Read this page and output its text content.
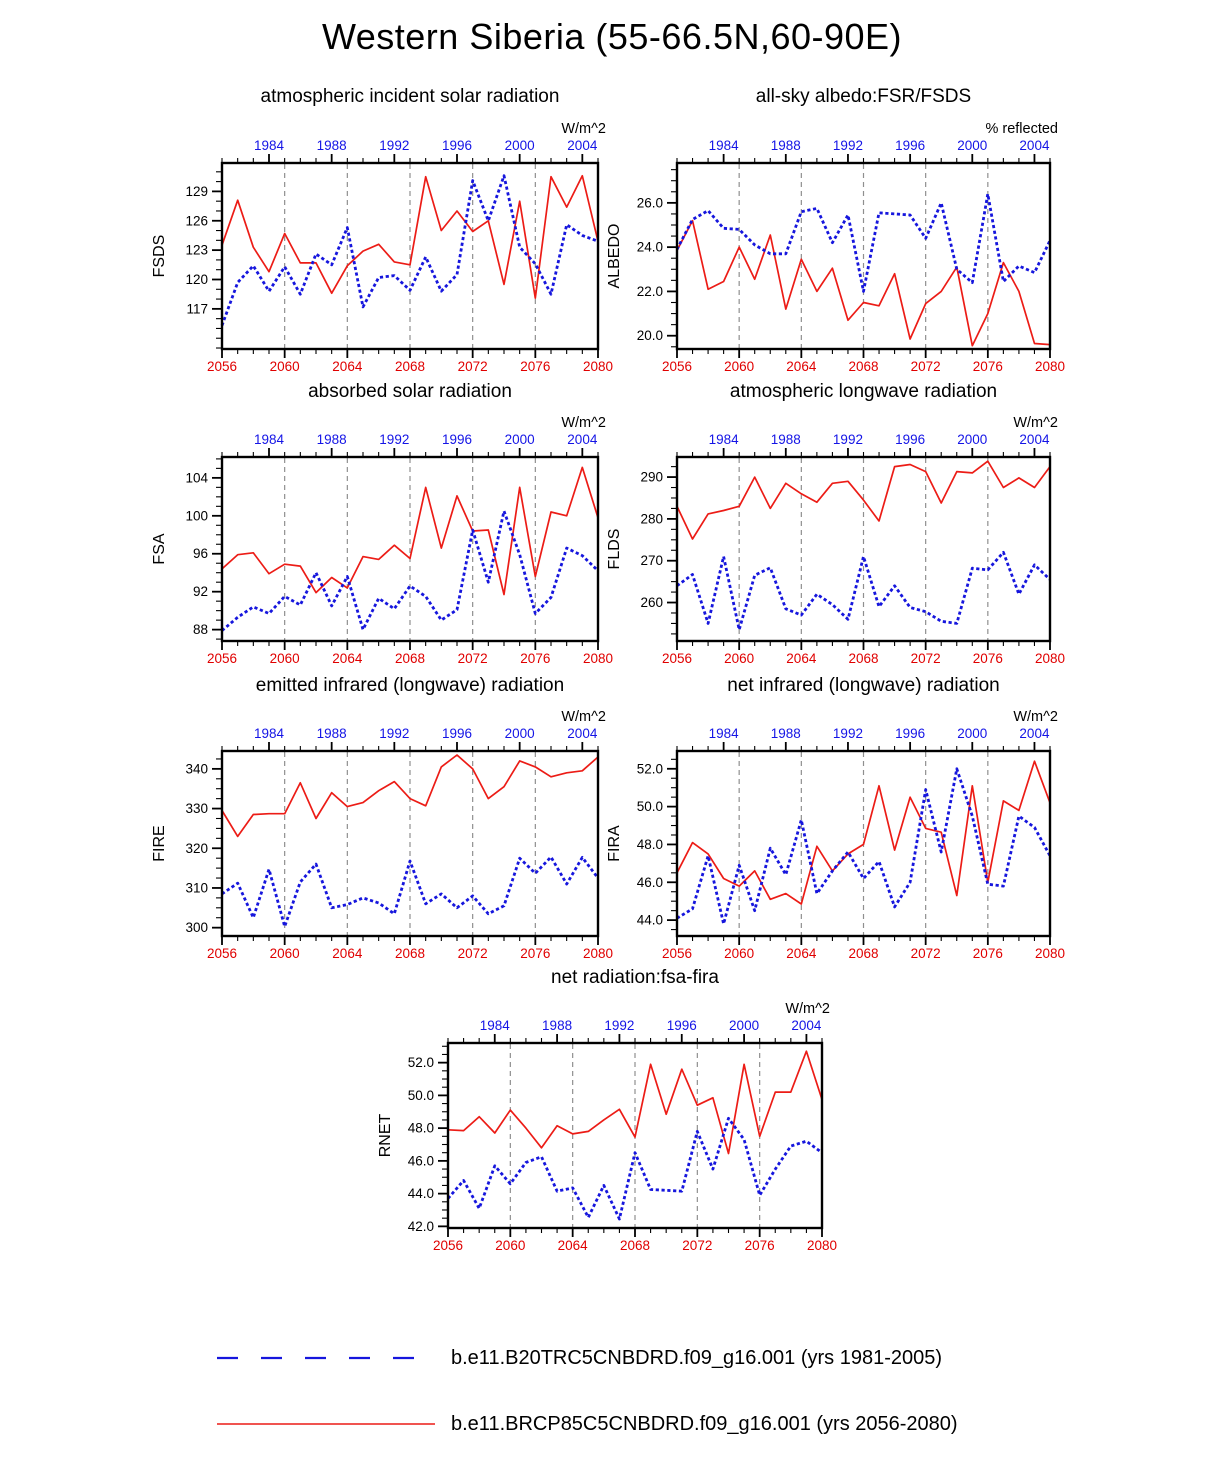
Western Siberia (55-66.5N,60-90E)
atmospheric incident solar radiation	all-sky albedo:FSR/FSDS
absorbed solar radiation	atmospheric longwave radiation
emitted infrared (longwave) radiation	net infrared (longwave) radiation
net radiation:fsa-fira
2056 2060 2064 2068 2072 2076 2080
1984 1988 1992 1996 2000 2004
W/m^2
117
120
123
126
129
FSDS
2056 2060 2064 2068 2072 2076 2080
1984 1988 1992 1996 2000 2004
% reflected
20.0
22.0
24.0
26.0
ALBEDO
2056 2060 2064 2068 2072 2076 2080
1984 1988 1992 1996 2000 2004
W/m^2
88
92
96
100
104
FSA
2056 2060 2064 2068 2072 2076 2080
1984 1988 1992 1996 2000 2004
W/m^2
260
270
280
290
FLDS
2056 2060 2064 2068 2072 2076 2080
1984 1988 1992 1996 2000 2004
W/m^2
300
310
320
330
340
FIRE
2056 2060 2064 2068 2072 2076 2080
1984 1988 1992 1996 2000 2004
W/m^2
44.0
46.0
48.0
50.0
52.0
FIRA
2056 2060 2064 2068 2072 2076 2080
1984 1988 1992 1996 2000 2004
W/m^2
42.0
44.0
46.0
48.0
50.0
52.0
RNET
b.e11.B20TRC5CNBDRD.f09_g16.001 (yrs 1981-2005)
b.e11.BRCP85C5CNBDRD.f09_g16.001 (yrs 2056-2080)
